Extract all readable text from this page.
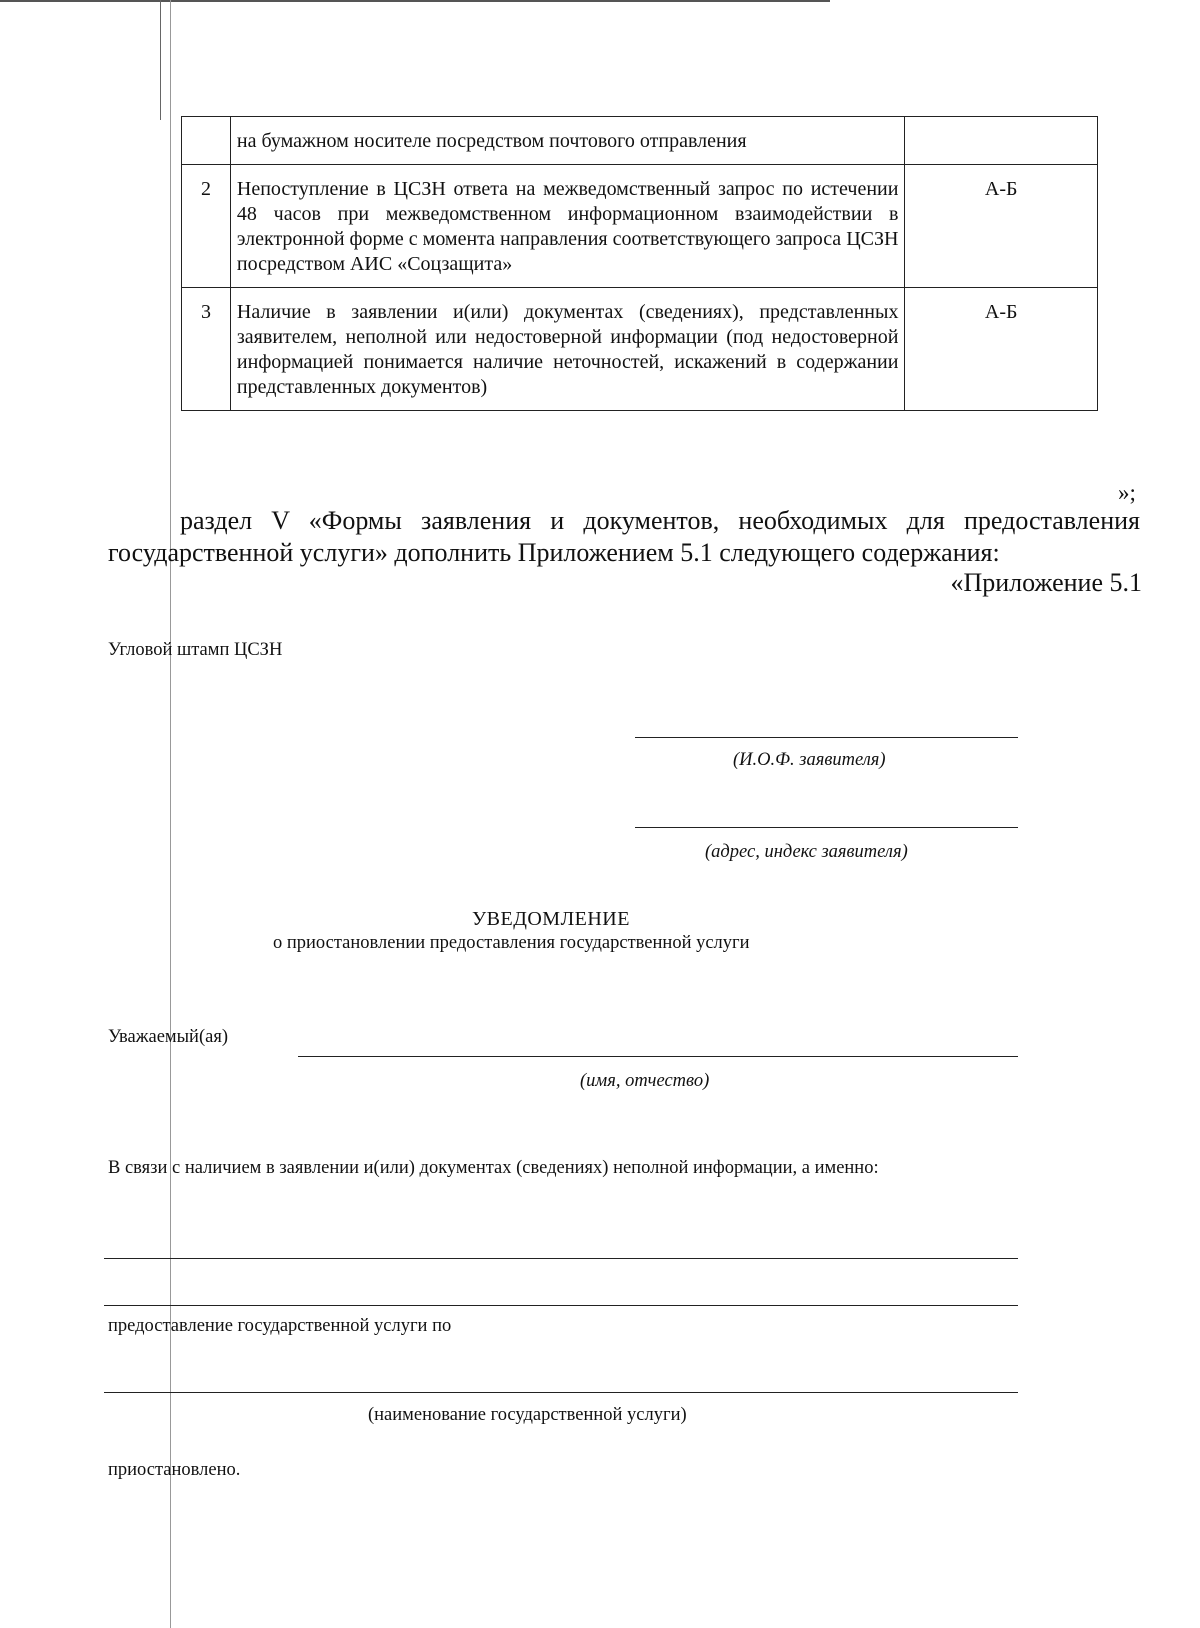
	на бумажном носителе посредством почтового отправления	
2	Непоступление в ЦСЗН ответа на межведомственный запрос по истечении 48 часов при межведомственном информационном взаимодействии в электронной форме с момента направления соответствующего запроса ЦСЗН посредством АИС «Соцзащита»	А-Б
3	Наличие в заявлении и(или) документах (сведениях), представленных заявителем, неполной или недостоверной информации (под недостоверной информацией понимается наличие неточностей, искажений в содержании представленных документов)	А-Б
»;
раздел V «Формы заявления и документов, необходимых для предоставления государственной услуги» дополнить Приложением 5.1 следующего содержания:
«Приложение 5.1
Угловой штамп ЦСЗН
(И.О.Ф. заявителя)
(адрес, индекс заявителя)
УВЕДОМЛЕНИЕ
о приостановлении предоставления государственной услуги
Уважаемый(ая)
(имя, отчество)
В связи с наличием в заявлении и(или) документах (сведениях) неполной информации, а именно:
предоставление государственной услуги по
(наименование государственной услуги)
приостановлено.
